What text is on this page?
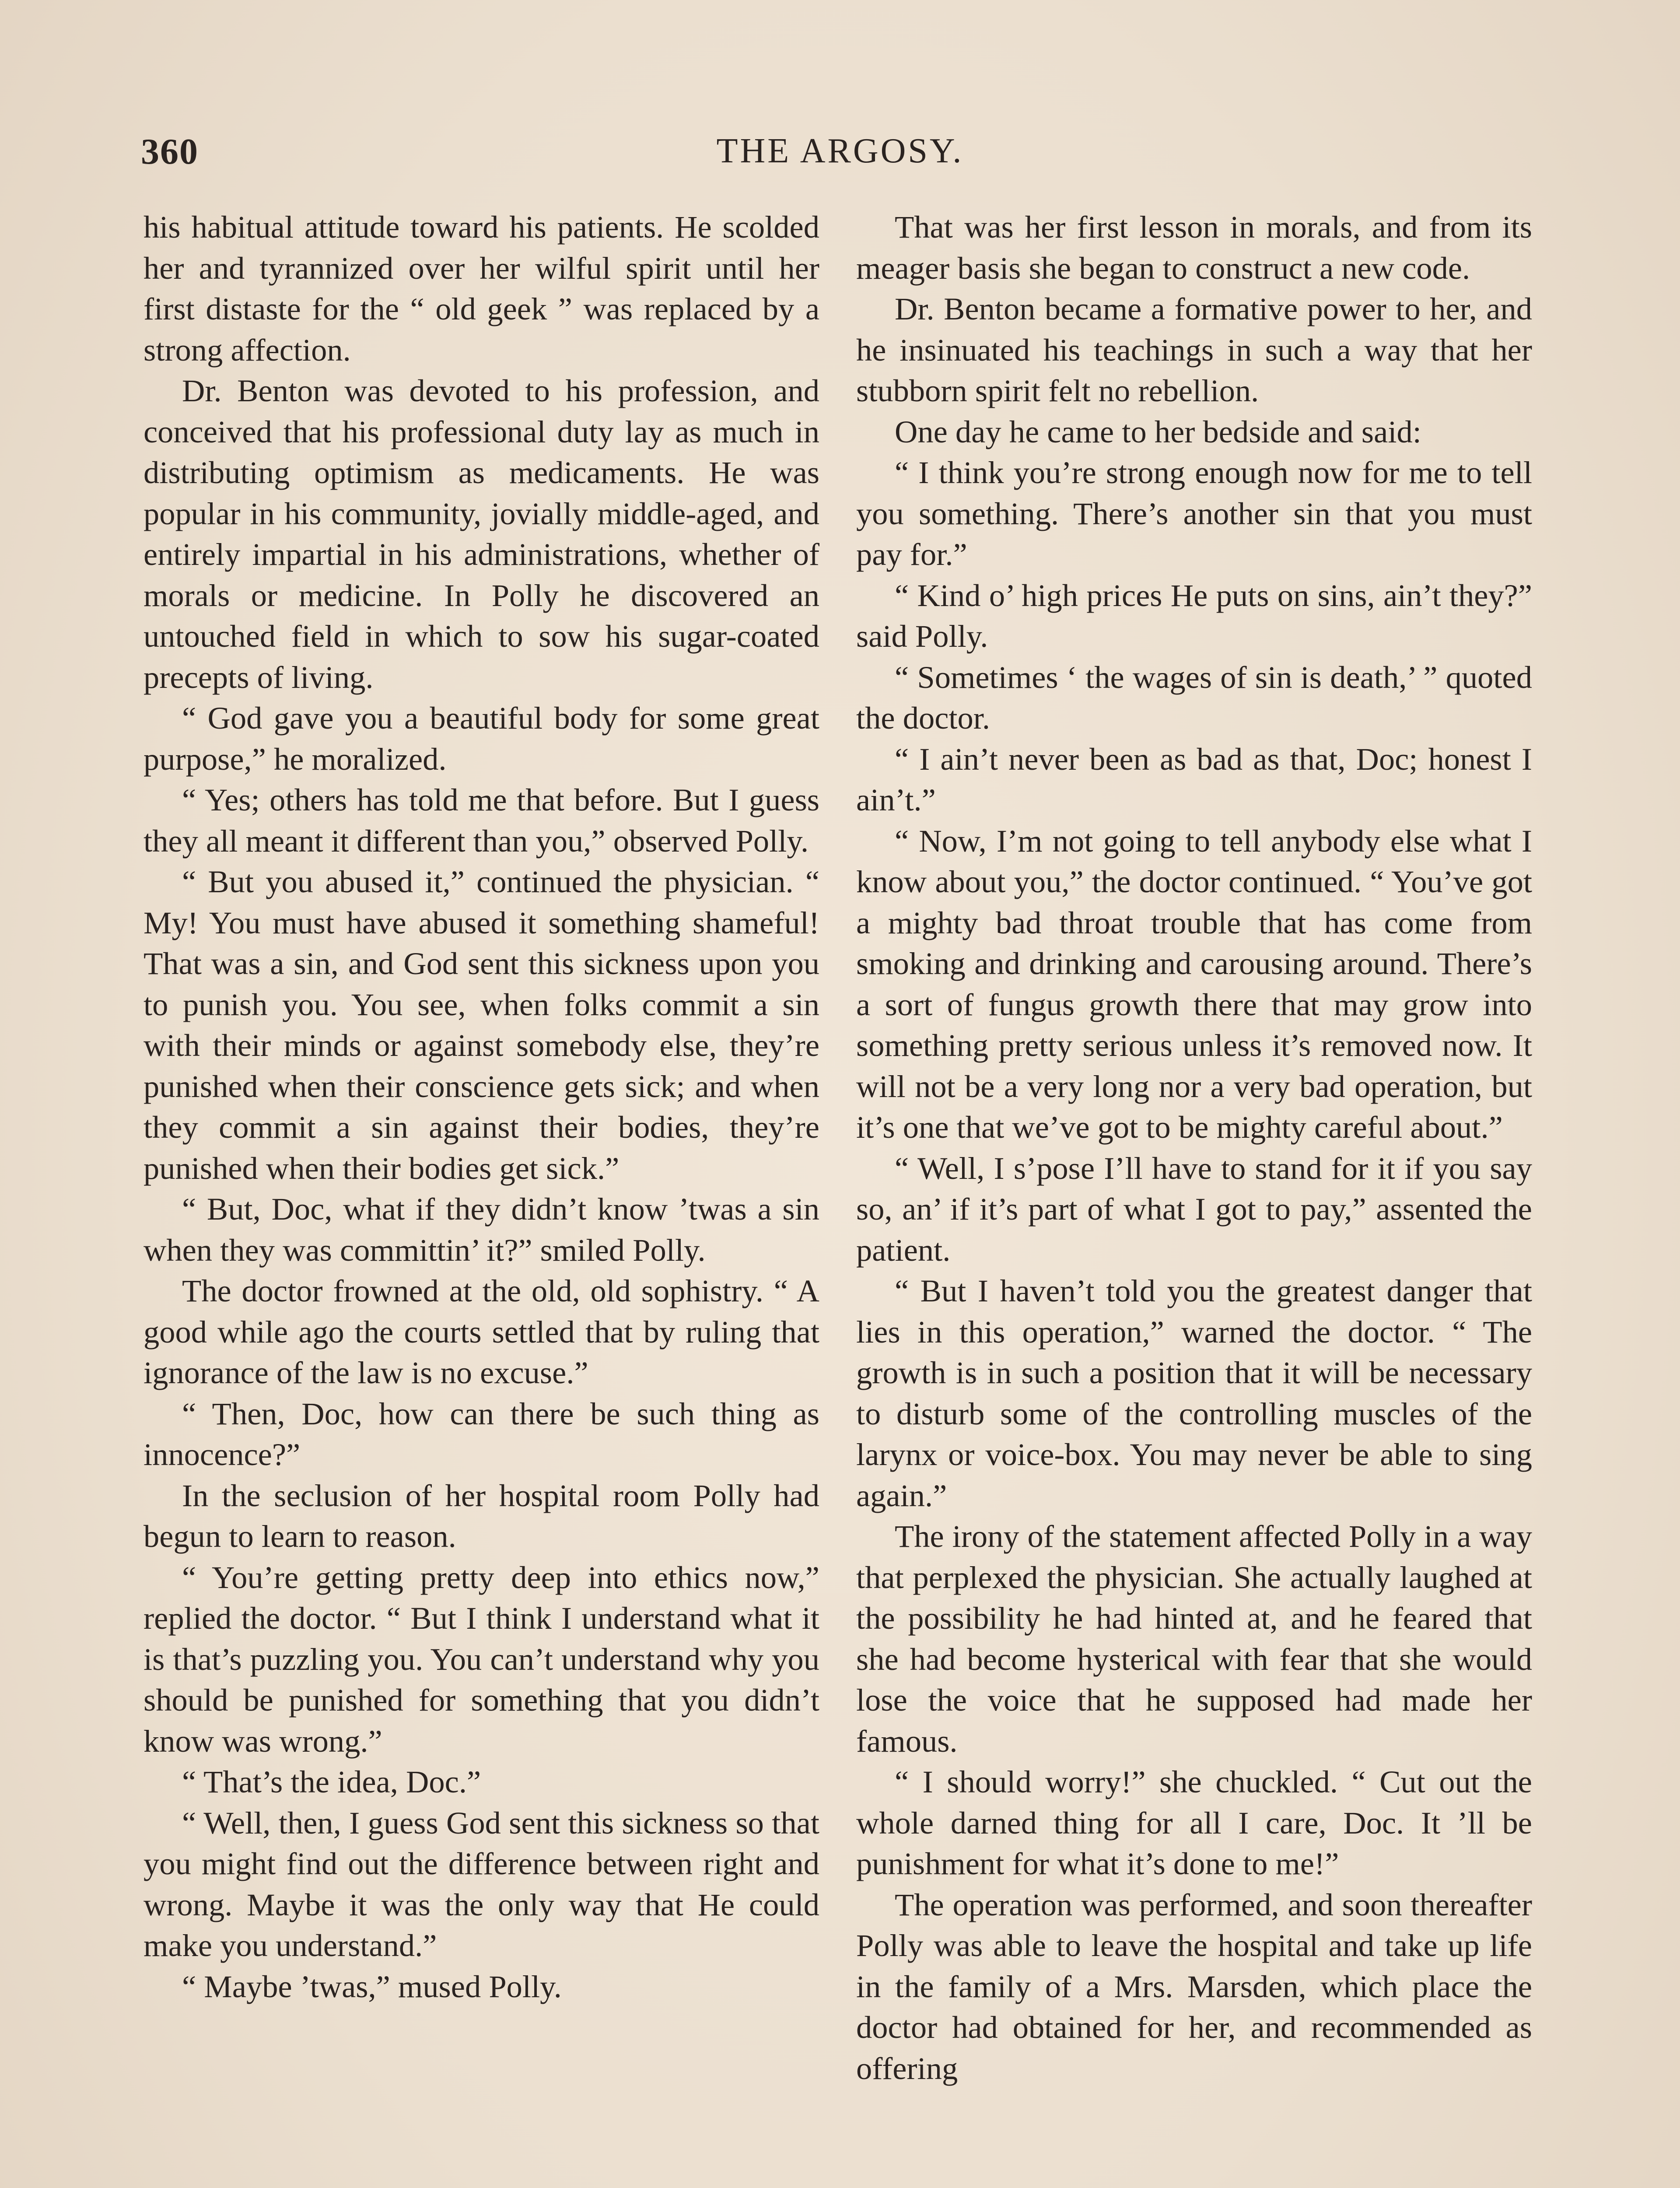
360	THE ARGOSY.

his habitual attitude toward his patients. He scolded her and tyrannized over her wilful spirit until her first distaste for the “ old geek ” was replaced by a strong affection.

Dr. Benton was devoted to his profession, and conceived that his professional duty lay as much in distributing optimism as medicaments. He was popular in his community, jovially middle-aged, and entirely impartial in his administrations, whether of morals or medicine. In Polly he discovered an untouched field in which to sow his sugar-coated precepts of living.

“ God gave you a beautiful body for some great purpose,” he moralized.

“ Yes; others has told me that before. But I guess they all meant it different than you,” observed Polly.

“ But you abused it,” continued the physician. “ My! You must have abused it something shameful! That was a sin, and God sent this sickness upon you to punish you. You see, when folks commit a sin with their minds or against somebody else, they’re punished when their conscience gets sick; and when they commit a sin against their bodies, they’re punished when their bodies get sick.”

“ But, Doc, what if they didn’t know ’twas a sin when they was committin’ it?” smiled Polly.

The doctor frowned at the old, old sophistry. “ A good while ago the courts settled that by ruling that ignorance of the law is no excuse.”

“ Then, Doc, how can there be such thing as innocence?”

In the seclusion of her hospital room Polly had begun to learn to reason.

“ You’re getting pretty deep into ethics now,” replied the doctor. “ But I think I understand what it is that’s puzzling you. You can’t understand why you should be punished for something that you didn’t know was wrong.”

“ That’s the idea, Doc.”

“ Well, then, I guess God sent this sickness so that you might find out the difference between right and wrong. Maybe it was the only way that He could make you understand.”

“ Maybe ’twas,” mused Polly.

That was her first lesson in morals, and from its meager basis she began to construct a new code.

Dr. Benton became a formative power to her, and he insinuated his teachings in such a way that her stubborn spirit felt no rebellion.

One day he came to her bedside and said:

“ I think you’re strong enough now for me to tell you something. There’s another sin that you must pay for.”

“ Kind o’ high prices He puts on sins, ain’t they?” said Polly.

“ Sometimes ‘ the wages of sin is death,’ ” quoted the doctor.

“ I ain’t never been as bad as that, Doc; honest I ain’t.”

“ Now, I’m not going to tell anybody else what I know about you,” the doctor continued. “ You’ve got a mighty bad throat trouble that has come from smoking and drinking and carousing around. There’s a sort of fungus growth there that may grow into something pretty serious unless it’s removed now. It will not be a very long nor a very bad operation, but it’s one that we’ve got to be mighty careful about.”

“ Well, I s’pose I’ll have to stand for it if you say so, an’ if it’s part of what I got to pay,” assented the patient.

“ But I haven’t told you the greatest danger that lies in this operation,” warned the doctor. “ The growth is in such a position that it will be necessary to disturb some of the controlling muscles of the larynx or voice-box. You may never be able to sing again.”

The irony of the statement affected Polly in a way that perplexed the physician. She actually laughed at the possibility he had hinted at, and he feared that she had become hysterical with fear that she would lose the voice that he supposed had made her famous.

“ I should worry!” she chuckled. “ Cut out the whole darned thing for all I care, Doc. It ’ll be punishment for what it’s done to me!”

The operation was performed, and soon thereafter Polly was able to leave the hospital and take up life in the family of a Mrs. Marsden, which place the doctor had obtained for her, and recommended as offering
